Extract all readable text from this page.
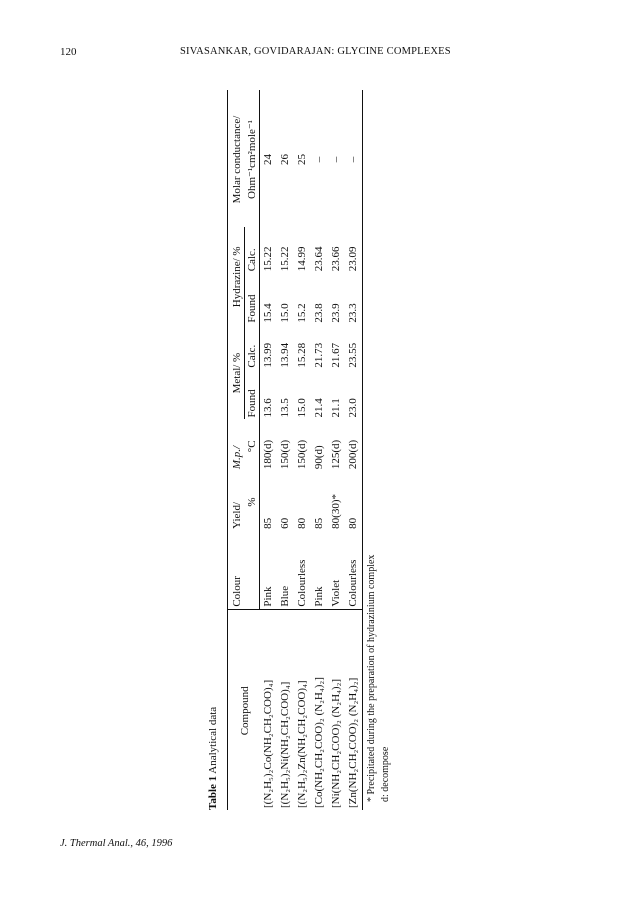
120	SIVASANKAR, GOVIDARAJAN: GLYCINE COMPLEXES
Table 1 Analytical data Compound	Colour	Yield/	M.p./	Metal/ %		Hydrazine/ %		Molar conductance/
		%	°C	Found	Calc.	Found	Calc.	Ohm⁻¹cm²mole⁻¹
[(N₂H₅)₂Co(NH₂CH₂COO)₄]	Pink	85	180(d)	13.6	13.99	15.4	15.22	24
[(N₂H₅)₂Ni(NH₂CH₂COO)₄]	Blue	60	150(d)	13.5	13.94	15.0	15.22	26
[(N₂H₅)₂Zn(NH₂CH₂COO)₄]	Colourless	80	150(d)	15.0	15.28	15.2	14.99	25
[Co(NH₂CH₂COO)₂ (N₂H₄)₂]	Pink	85	90(d)	21.4	21.73	23.8	23.64	–
[Ni(NH₂CH₂COO)₂ (N₂H₄)₂]	Violet	80(30)*	125(d)	21.1	21.67	23.9	23.66	–
[Zn(NH₂CH₂COO)₂ (N₂H₄)₂]	Colourless	80	200(d)	23.0	23.55	23.3	23.09	–
* Precipitated during the preparation of hydrazinium complex d: decompose
J. Thermal Anal., 46, 1996
